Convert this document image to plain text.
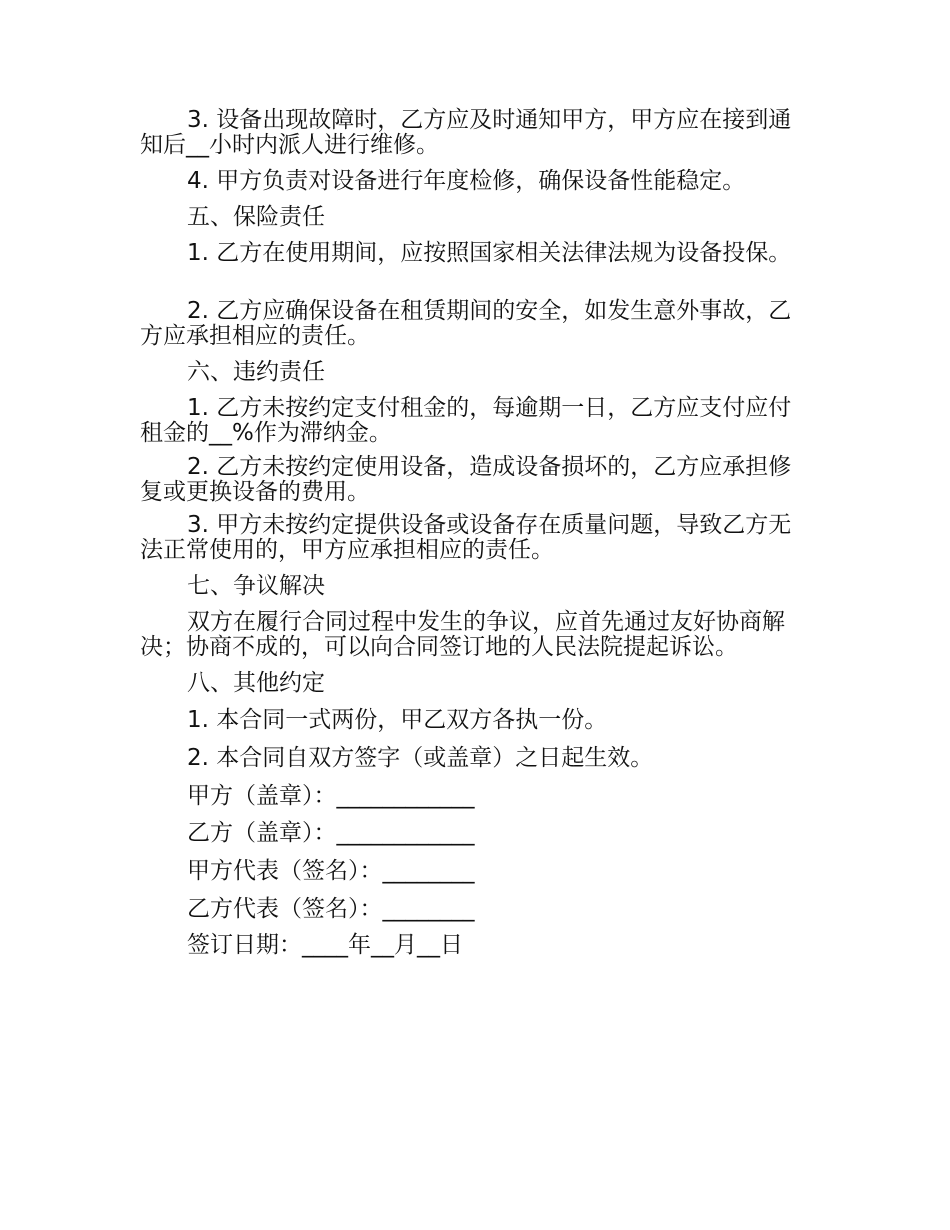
3. 设备出现故障时，乙方应及时通知甲方，甲方应在接到通知后__小时内派人进行维修。

4. 甲方负责对设备进行年度检修，确保设备性能稳定。

五、保险责任

1. 乙方在使用期间，应按照国家相关法律法规为设备投保。

2. 乙方应确保设备在租赁期间的安全，如发生意外事故，乙方应承担相应的责任。

六、违约责任

1. 乙方未按约定支付租金的，每逾期一日，乙方应支付应付租金的__%作为滞纳金。

2. 乙方未按约定使用设备，造成设备损坏的，乙方应承担修复或更换设备的费用。

3. 甲方未按约定提供设备或设备存在质量问题，导致乙方无法正常使用的，甲方应承担相应的责任。

七、争议解决

双方在履行合同过程中发生的争议，应首先通过友好协商解决；协商不成的，可以向合同签订地的人民法院提起诉讼。

八、其他约定

1. 本合同一式两份，甲乙双方各执一份。

2. 本合同自双方签字（或盖章）之日起生效。

甲方（盖章）：____________

乙方（盖章）：____________

甲方代表（签名）：________

乙方代表（签名）：________

签订日期：____年__月__日
